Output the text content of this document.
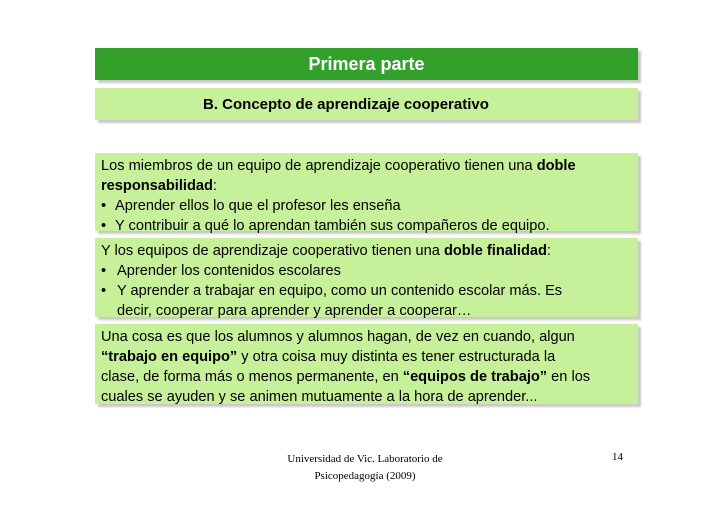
Primera parte
B. Concepto de aprendizaje cooperativo
Los miembros de un equipo de aprendizaje cooperativo tienen una doble
responsabilidad:
• Aprender ellos lo que el profesor les enseña
• Y contribuir a qué lo aprendan también sus compañeros de equipo.
Y los equipos de aprendizaje cooperativo tienen una doble finalidad:
• Aprender los contenidos escolares
• Y aprender a trabajar en equipo, como un contenido escolar más. Es
decir, cooperar para aprender y aprender a cooperar…
Una cosa es que los alumnos y alumnos hagan, de vez en cuando, algun
“trabajo en equipo” y otra coisa muy distinta es tener estructurada la
clase, de forma más o menos permanente, en “equipos de trabajo” en los
cuales se ayuden y se animen mutuamente a la hora de aprender...
Universidad de Vic. Laboratorio de
Psicopedagogía (2009)
14
